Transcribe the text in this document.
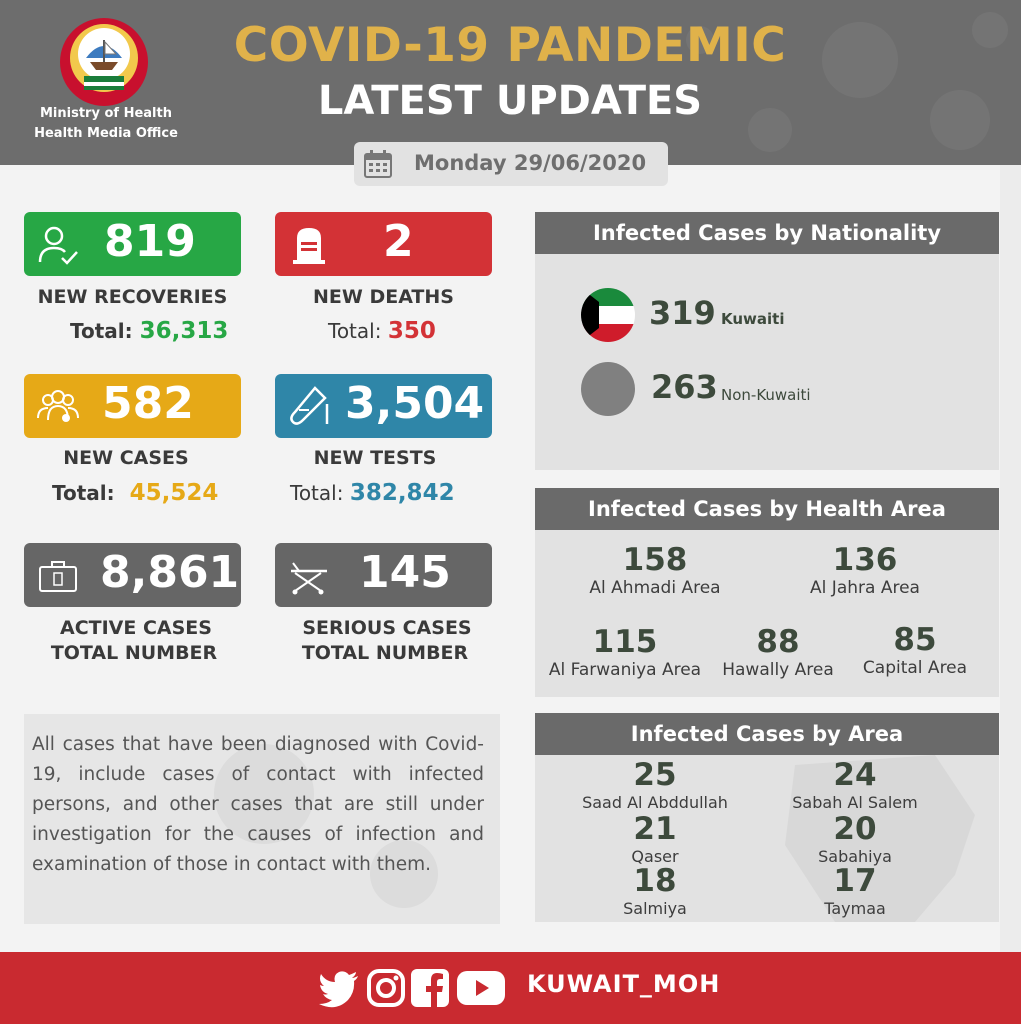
Ministry of Health
Health Media Office
COVID-19 PANDEMIC
LATEST UPDATES
Monday 29/06/2020
819
NEW RECOVERIES
Total: 36,313
2
NEW DEATHS
Total: 350
582
NEW CASES
Total: 45,524
3,504
NEW TESTS
Total: 382,842
8,861
ACTIVE CASES
TOTAL NUMBER
145
SERIOUS CASES
TOTAL NUMBER

All cases that have been diagnosed with Covid-19, include cases of contact with infected persons, and other cases that are still under investigation for the causes of infection and examination of those in contact with them.

Infected Cases by Nationality
319 Kuwaiti
263 Non-Kuwaiti
Infected Cases by Health Area
158
Al Ahmadi Area
136
Al Jahra Area
115
Al Farwaniya Area
88
Hawally Area
85
Capital Area
Infected Cases by Area
25
Saad Al Abddullah
24
Sabah Al Salem
21
Qaser
20
Sabahiya
18
Salmiya
17
Taymaa
KUWAIT_MOH
